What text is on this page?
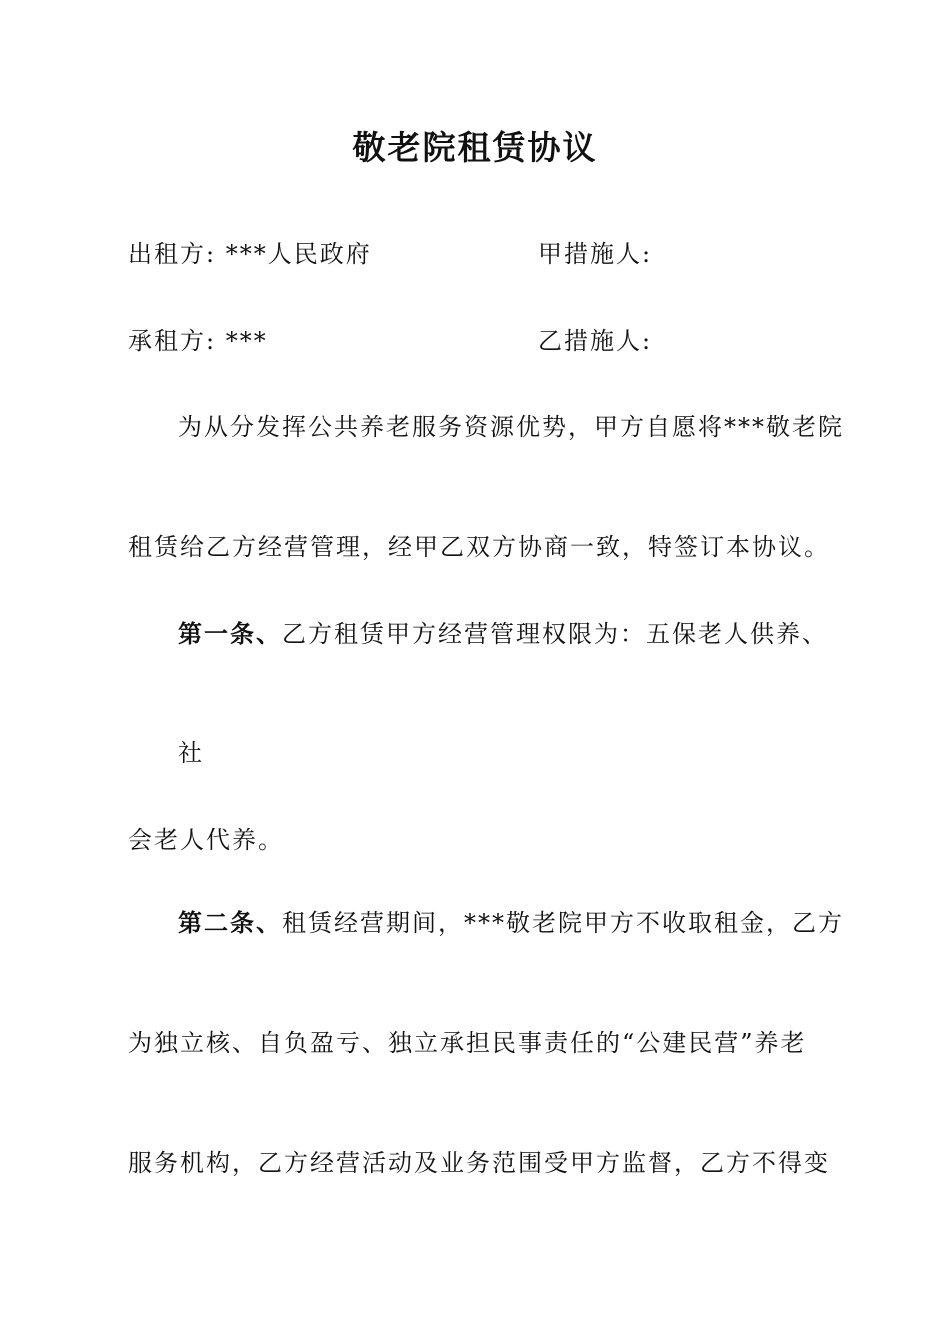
敬老院租赁协议
出租方: ***人民政府	甲措施人:
承租方: ***	乙措施人:
为从分发挥公共养老服务资源优势，甲方自愿将***敬老院
租赁给乙方经营管理，经甲乙双方协商一致，特签订本协议。
第一条、乙方租赁甲方经营管理权限为：五保老人供养、
社
会老人代养。
第二条、租赁经营期间，***敬老院甲方不收取租金，乙方
为独立核、自负盈亏、独立承担民事责任的“公建民营”养老
服务机构，乙方经营活动及业务范围受甲方监督，乙方不得变
